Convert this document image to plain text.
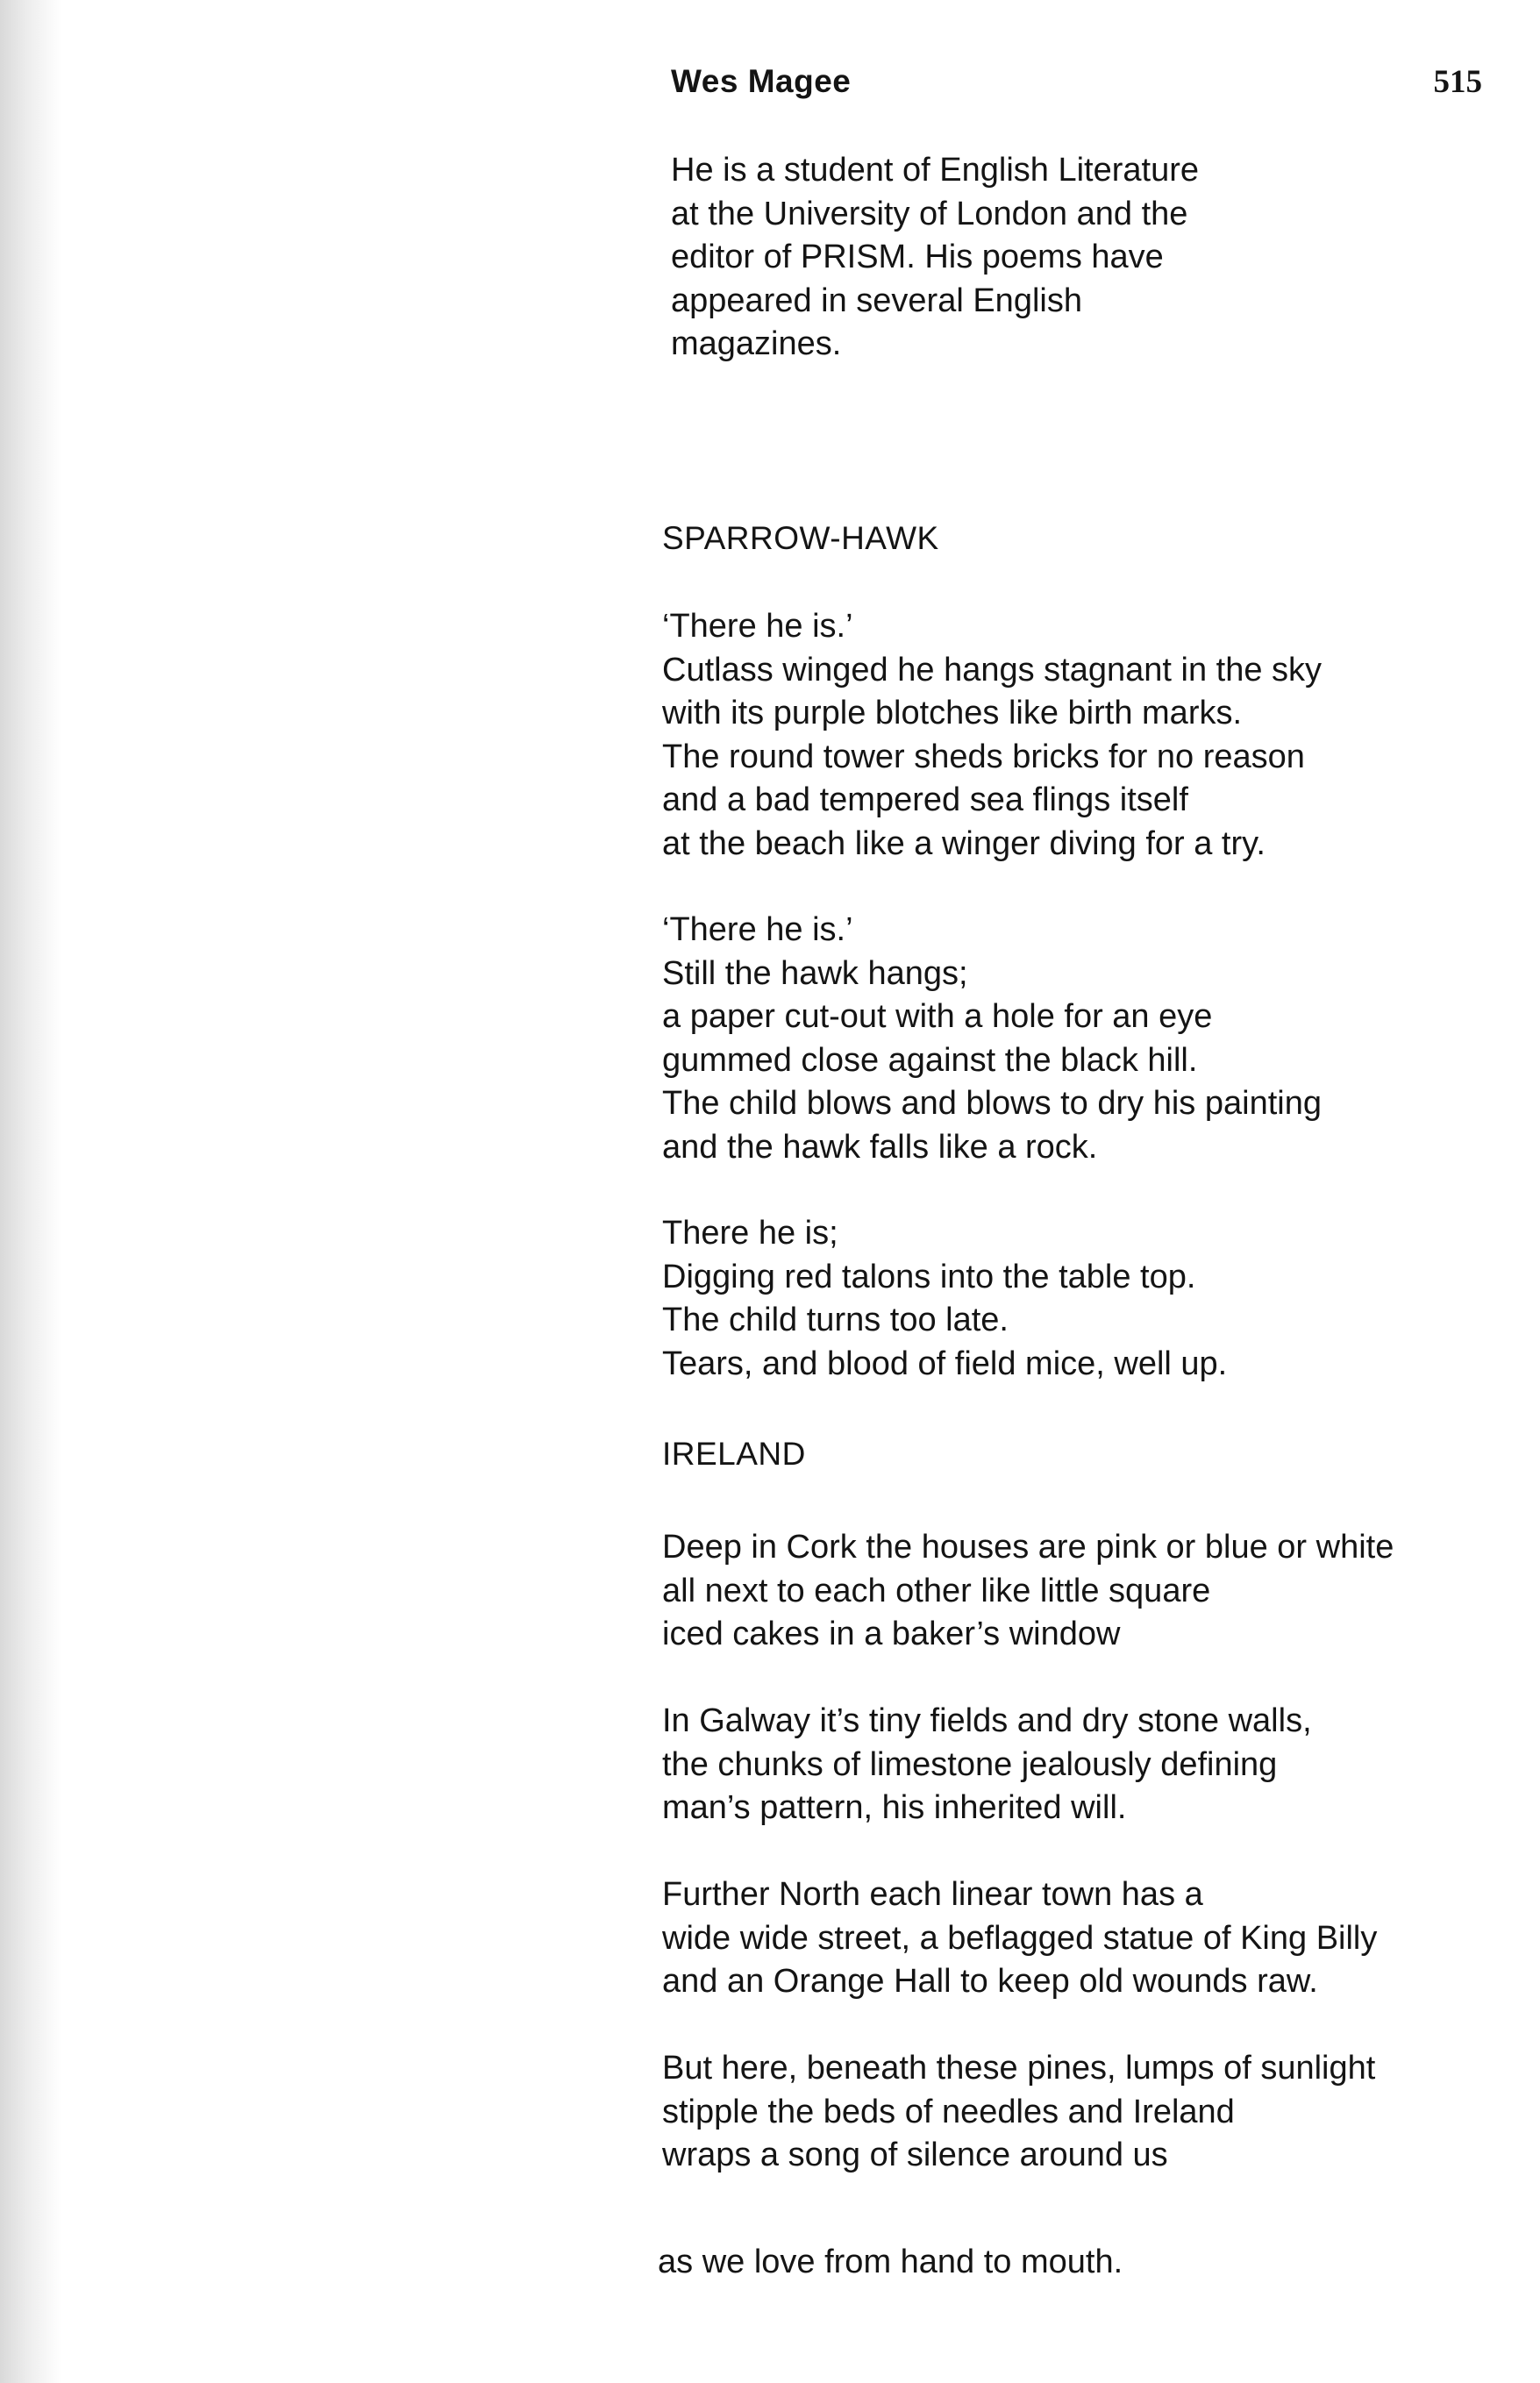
Wes Magee	515
He is a student of English Literature
at the University of London and the
editor of PRISM. His poems have
appeared in several English
magazines.
SPARROW-HAWK
‘There he is.’
Cutlass winged he hangs stagnant in the sky
with its purple blotches like birth marks.
The round tower sheds bricks for no reason
and a bad tempered sea flings itself
at the beach like a winger diving for a try.
‘There he is.’
Still the hawk hangs;
a paper cut-out with a hole for an eye
gummed close against the black hill.
The child blows and blows to dry his painting
and the hawk falls like a rock.
There he is;
Digging red talons into the table top.
The child turns too late.
Tears, and blood of field mice, well up.
IRELAND
Deep in Cork the houses are pink or blue or white
all next to each other like little square
iced cakes in a baker’s window
In Galway it’s tiny fields and dry stone walls,
the chunks of limestone jealously defining
man’s pattern, his inherited will.
Further North each linear town has a
wide wide street, a beflagged statue of King Billy
and an Orange Hall to keep old wounds raw.
But here, beneath these pines, lumps of sunlight
stipple the beds of needles and Ireland
wraps a song of silence around us
as we love from hand to mouth.
